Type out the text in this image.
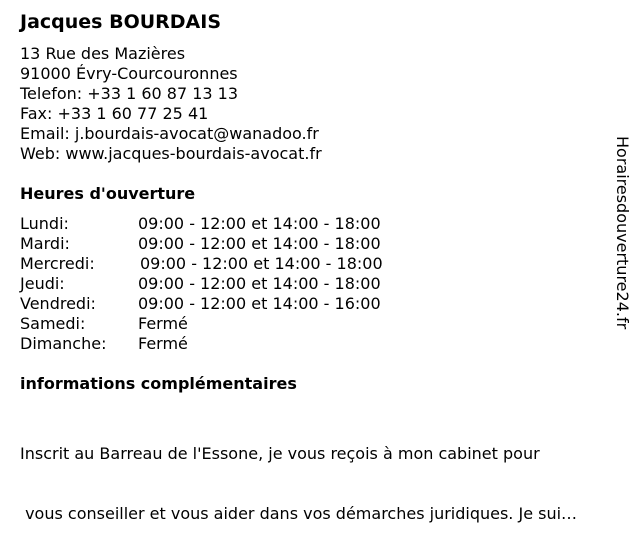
Jacques BOURDAIS
13 Rue des Mazières
91000 Évry-Courcouronnes
Telefon: +33 1 60 87 13 13
Fax: +33 1 60 77 25 41
Email: j.bourdais-avocat@wanadoo.fr
Web: www.jacques-bourdais-avocat.fr
Heures d'ouverture
Lundi:	09:00 - 12:00 et 14:00 - 18:00
Mardi:	09:00 - 12:00 et 14:00 - 18:00
Mercredi:	09:00 - 12:00 et 14:00 - 18:00
Jeudi:	09:00 - 12:00 et 14:00 - 18:00
Vendredi:	09:00 - 12:00 et 14:00 - 16:00
Samedi:	Fermé
Dimanche: Fermé
informations complémentaires

Inscrit au Barreau de l'Essone, je vous reçois à mon cabinet pour

vous conseiller et vous aider dans vos démarches juridiques. Je sui…

Horairesdouverture24.fr
